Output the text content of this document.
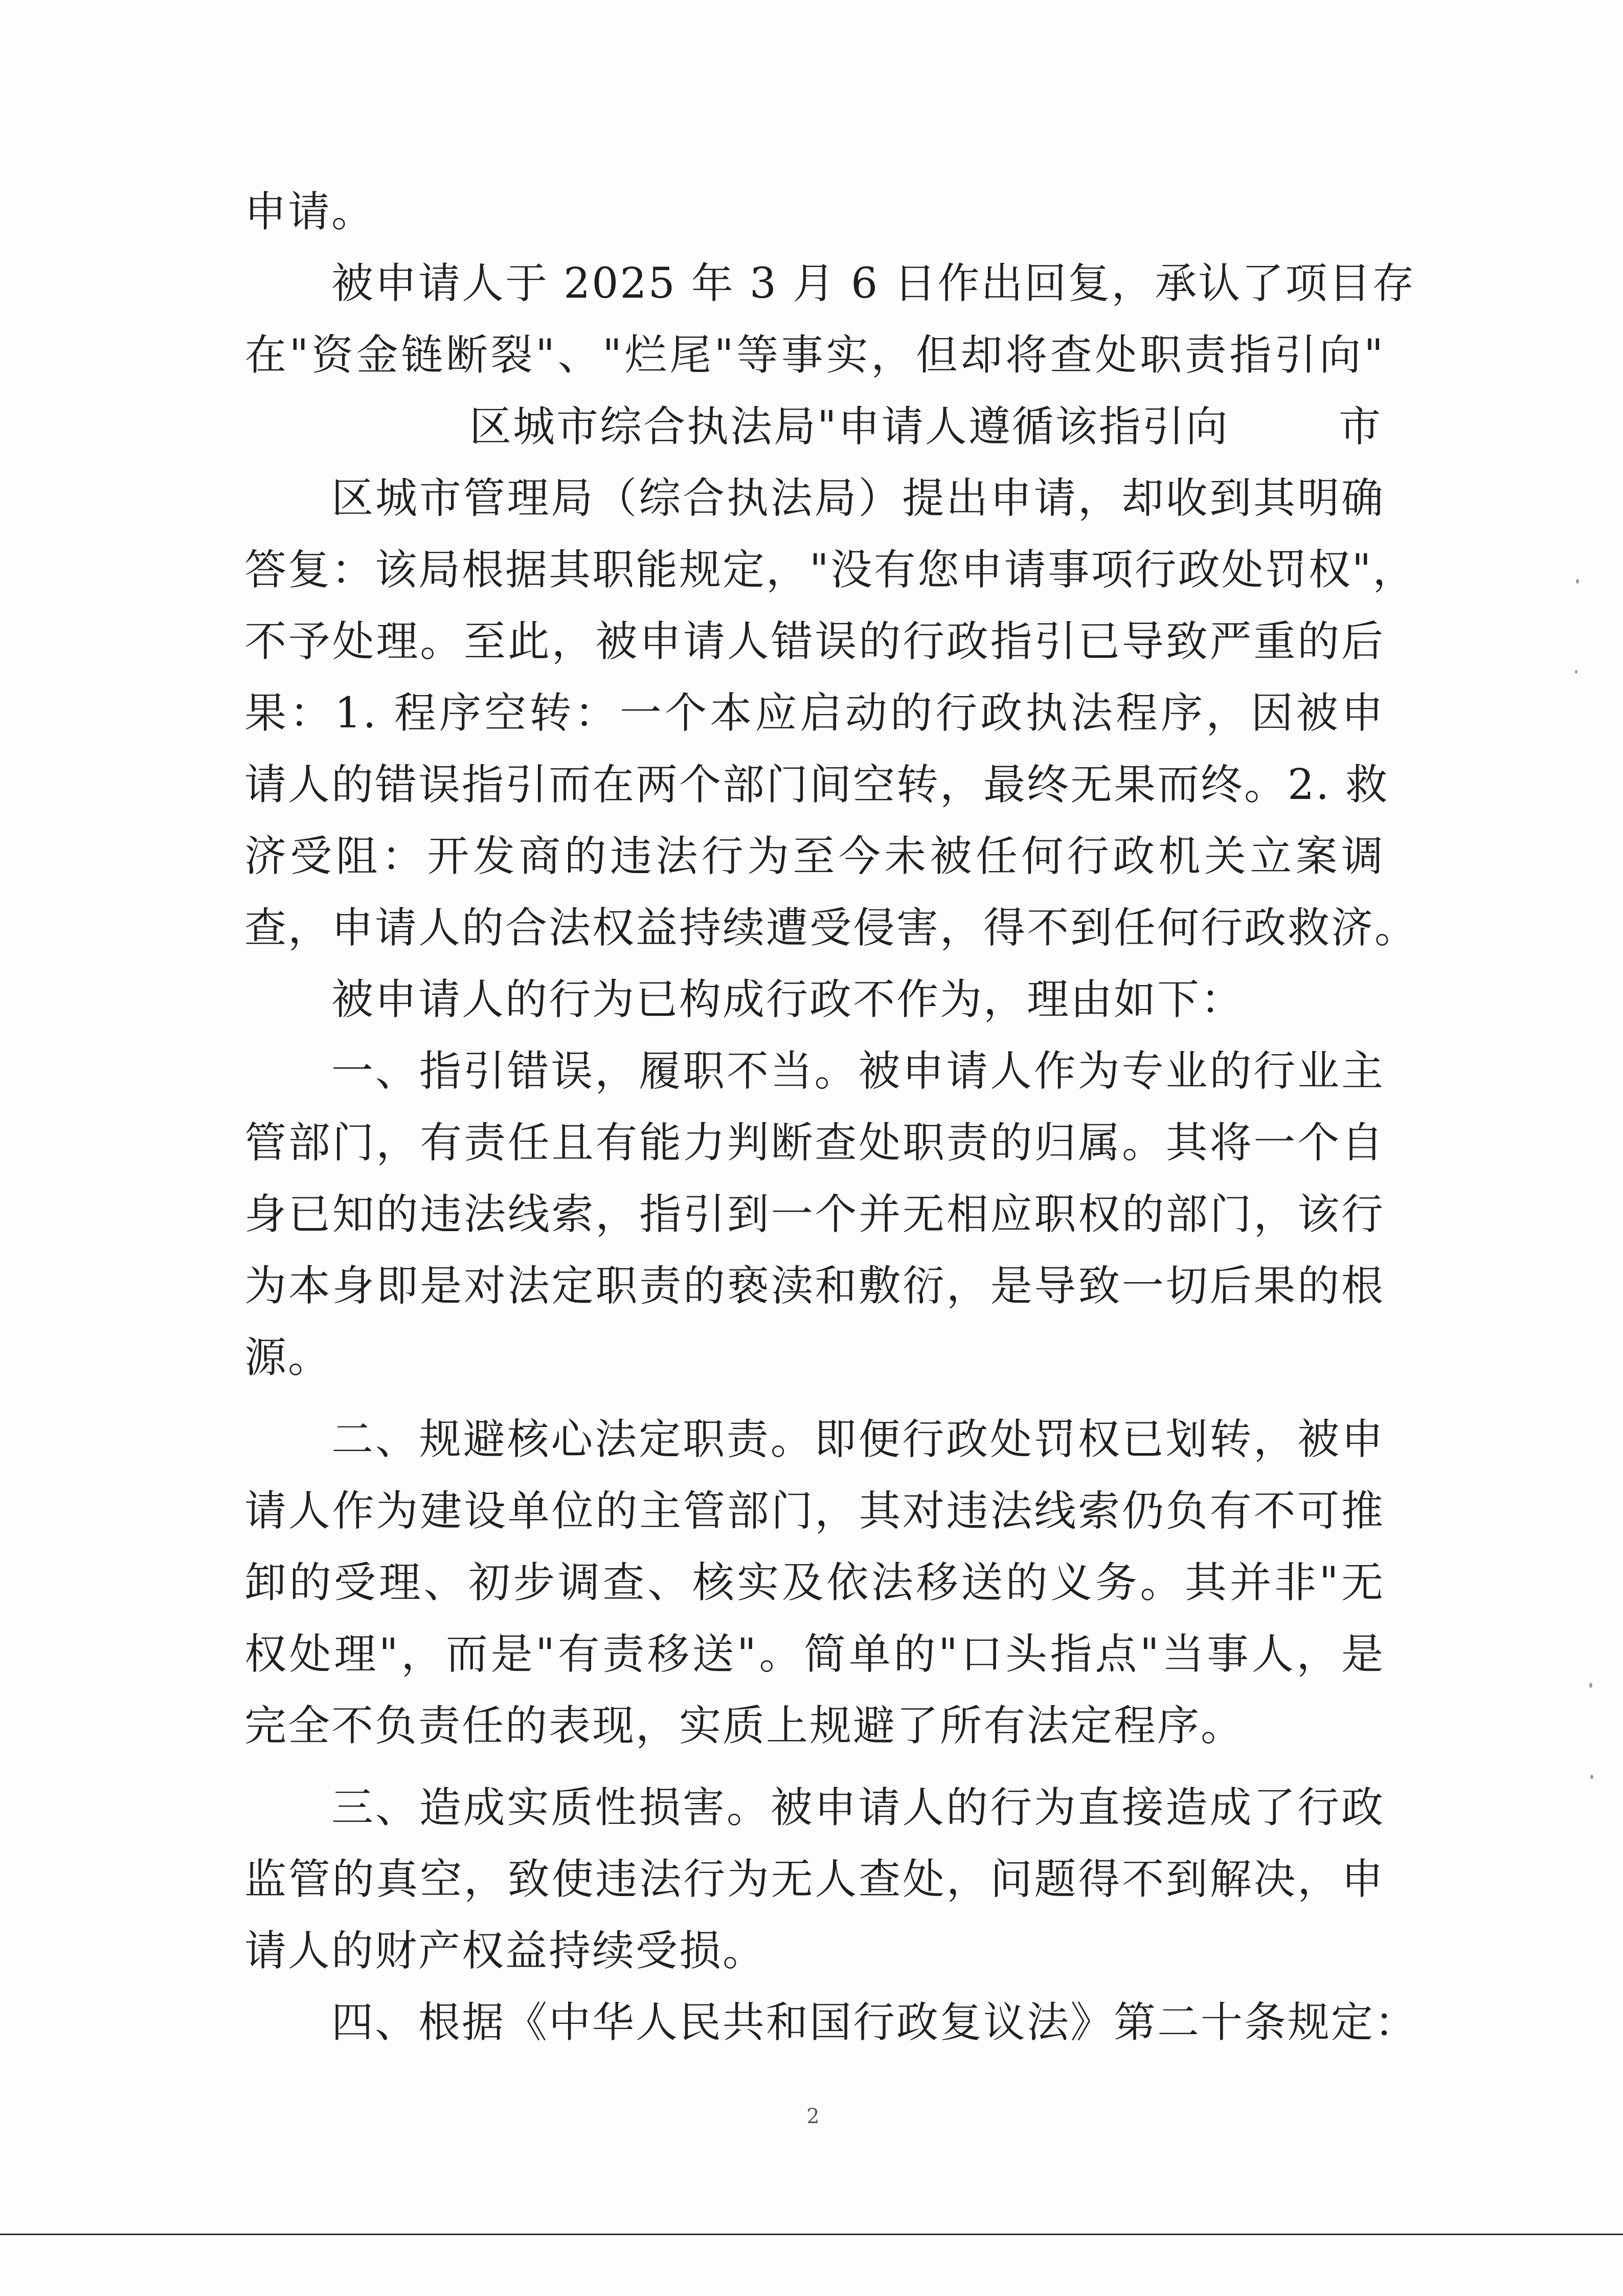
申请。
被申请人于 2025 年 3 月 6 日作出回复，承认了项目存
在"资金链断裂"、"烂尾"等事实，但却将查处职责指引向"
区城市综合执法局"申请人遵循该指引向	市
区城市管理局（综合执法局）提出申请，却收到其明确
答复：该局根据其职能规定，"没有您申请事项行政处罚权"，
不予处理。至此，被申请人错误的行政指引已导致严重的后
果：1. 程序空转：一个本应启动的行政执法程序，因被申
请人的错误指引而在两个部门间空转，最终无果而终。2. 救
济受阻：开发商的违法行为至今未被任何行政机关立案调
查，申请人的合法权益持续遭受侵害，得不到任何行政救济。
被申请人的行为已构成行政不作为，理由如下：
一、指引错误，履职不当。被申请人作为专业的行业主
管部门，有责任且有能力判断查处职责的归属。其将一个自
身已知的违法线索，指引到一个并无相应职权的部门，该行
为本身即是对法定职责的亵渎和敷衍，是导致一切后果的根
源。
二、规避核心法定职责。即便行政处罚权已划转，被申
请人作为建设单位的主管部门，其对违法线索仍负有不可推
卸的受理、初步调查、核实及依法移送的义务。其并非"无
权处理"，而是"有责移送"。简单的"口头指点"当事人，是
完全不负责任的表现，实质上规避了所有法定程序。
三、造成实质性损害。被申请人的行为直接造成了行政
监管的真空，致使违法行为无人查处，问题得不到解决，申
请人的财产权益持续受损。
四、根据《中华人民共和国行政复议法》第二十条规定：
2
